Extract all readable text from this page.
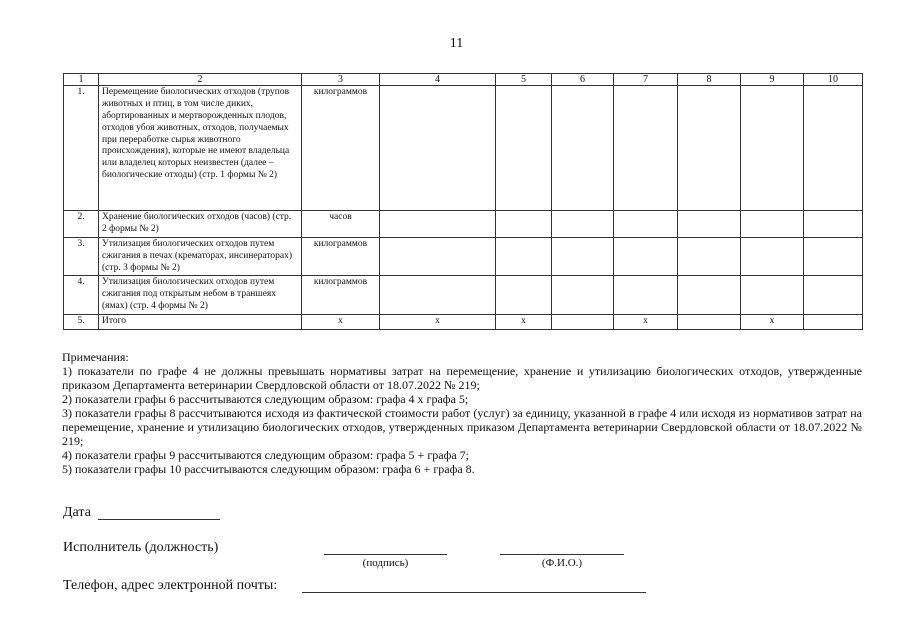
11
1	2	3	4	5	6	7	8	9	10
1.	Перемещение биологических отходов (трупов животных и птиц, в том числе диких, абортированных и мертворожденных плодов, отходов убоя животных, отходов, получаемых при переработке сырья животного происхождения), которые не имеют владельца или владелец которых неизвестен (далее – биологические отходы) (стр. 1 формы № 2)	килограммов							
2.	Хранение биологических отходов (часов) (стр. 2 формы № 2)	часов							
3.	Утилизация биологических отходов путем сжигания в печах (крематорах, инсинераторах) (стр. 3 формы № 2)	килограммов							
4.	Утилизация биологических отходов путем сжигания под открытым небом в траншеях (ямах) (стр. 4 формы № 2)	килограммов							
5.	Итого	x	x	x		x		x	

Примечания:

1) показатели по графе 4 не должны превышать нормативы затрат на перемещение, хранение и утилизацию биологических отходов, утвержденные приказом Департамента ветеринарии Свердловской области от 18.07.2022 № 219;

2) показатели графы 6 рассчитываются следующим образом: графа 4 x графа 5;

3) показатели графы 8 рассчитываются исходя из фактической стоимости работ (услуг) за единицу, указанной в графе 4 или исходя из нормативов затрат на перемещение, хранение и утилизацию биологических отходов, утвержденных приказом Департамента ветеринарии Свердловской области от 18.07.2022 № 219;

4) показатели графы 9 рассчитываются следующим образом: графа 5 + графа 7;

5) показатели графы 10 рассчитываются следующим образом: графа 6 + графа 8.

Дата
Исполнитель (должность)
(подпись)	(Ф.И.О.)
Телефон, адрес электронной почты:
